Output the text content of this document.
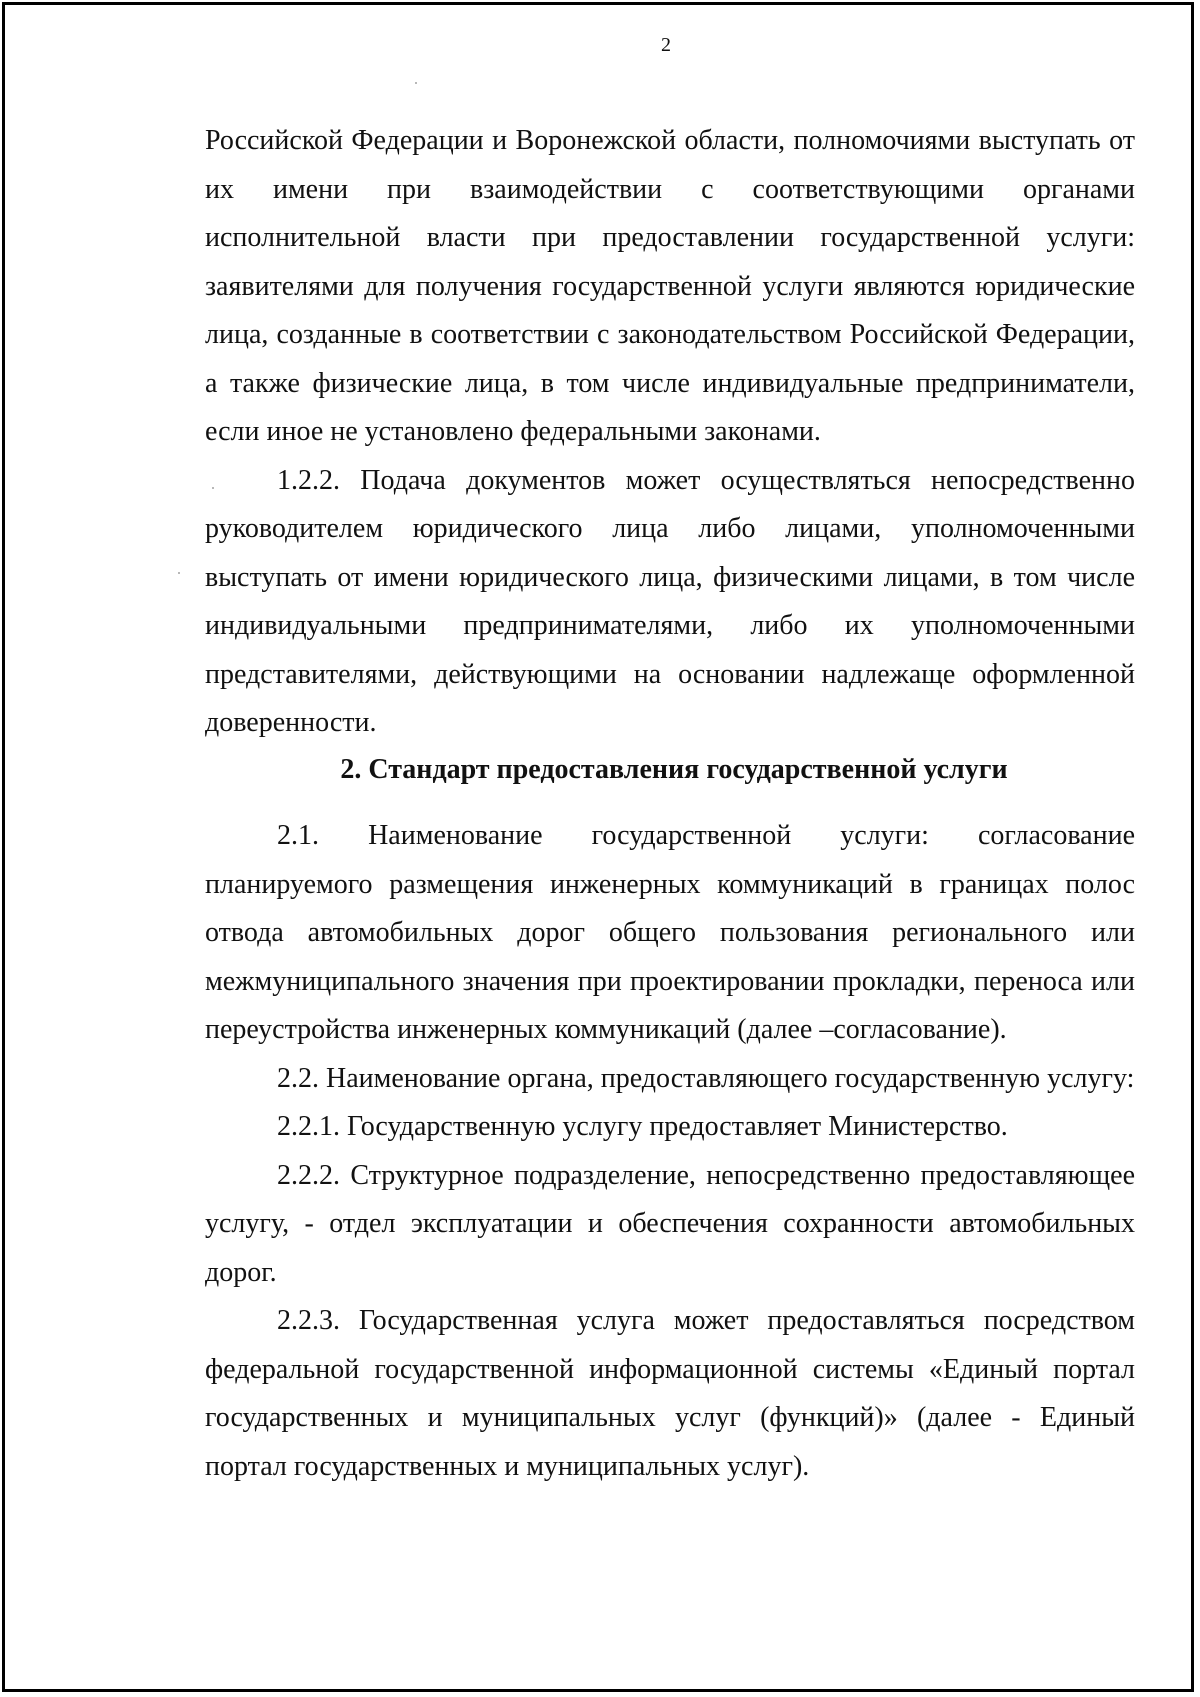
2

Российской Федерации и Воронежской области, полномочиями выступать от их имени при взаимодействии с соответствующими органами исполнительной власти при предоставлении государственной услуги: заявителями для получения государственной услуги являются юридические лица, созданные в соответствии с законодательством Российской Федерации, а также физические лица, в том числе индивидуальные предприниматели, если иное не установлено федеральными законами.

1.2.2. Подача документов может осуществляться непосредственно руководителем юридического лица либо лицами, уполномоченными выступать от имени юридического лица, физическими лицами, в том числе индивидуальными предпринимателями, либо их уполномоченными представителями, действующими на основании надлежаще оформленной доверенности.

2. Стандарт предоставления государственной услуги

2.1. Наименование государственной услуги: согласование планируемого размещения инженерных коммуникаций в границах полос отвода автомобильных дорог общего пользования регионального или межмуниципального значения при проектировании прокладки, переноса или переустройства инженерных коммуникаций (далее –согласование).

2.2. Наименование органа, предоставляющего государственную услугу:

2.2.1. Государственную услугу предоставляет Министерство.

2.2.2. Структурное подразделение, непосредственно предоставляющее услугу, - отдел эксплуатации и обеспечения сохранности автомобильных дорог.

2.2.3. Государственная услуга может предоставляться посредством федеральной государственной информационной системы «Единый портал государственных и муниципальных услуг (функций)» (далее - Единый портал государственных и муниципальных услуг).
